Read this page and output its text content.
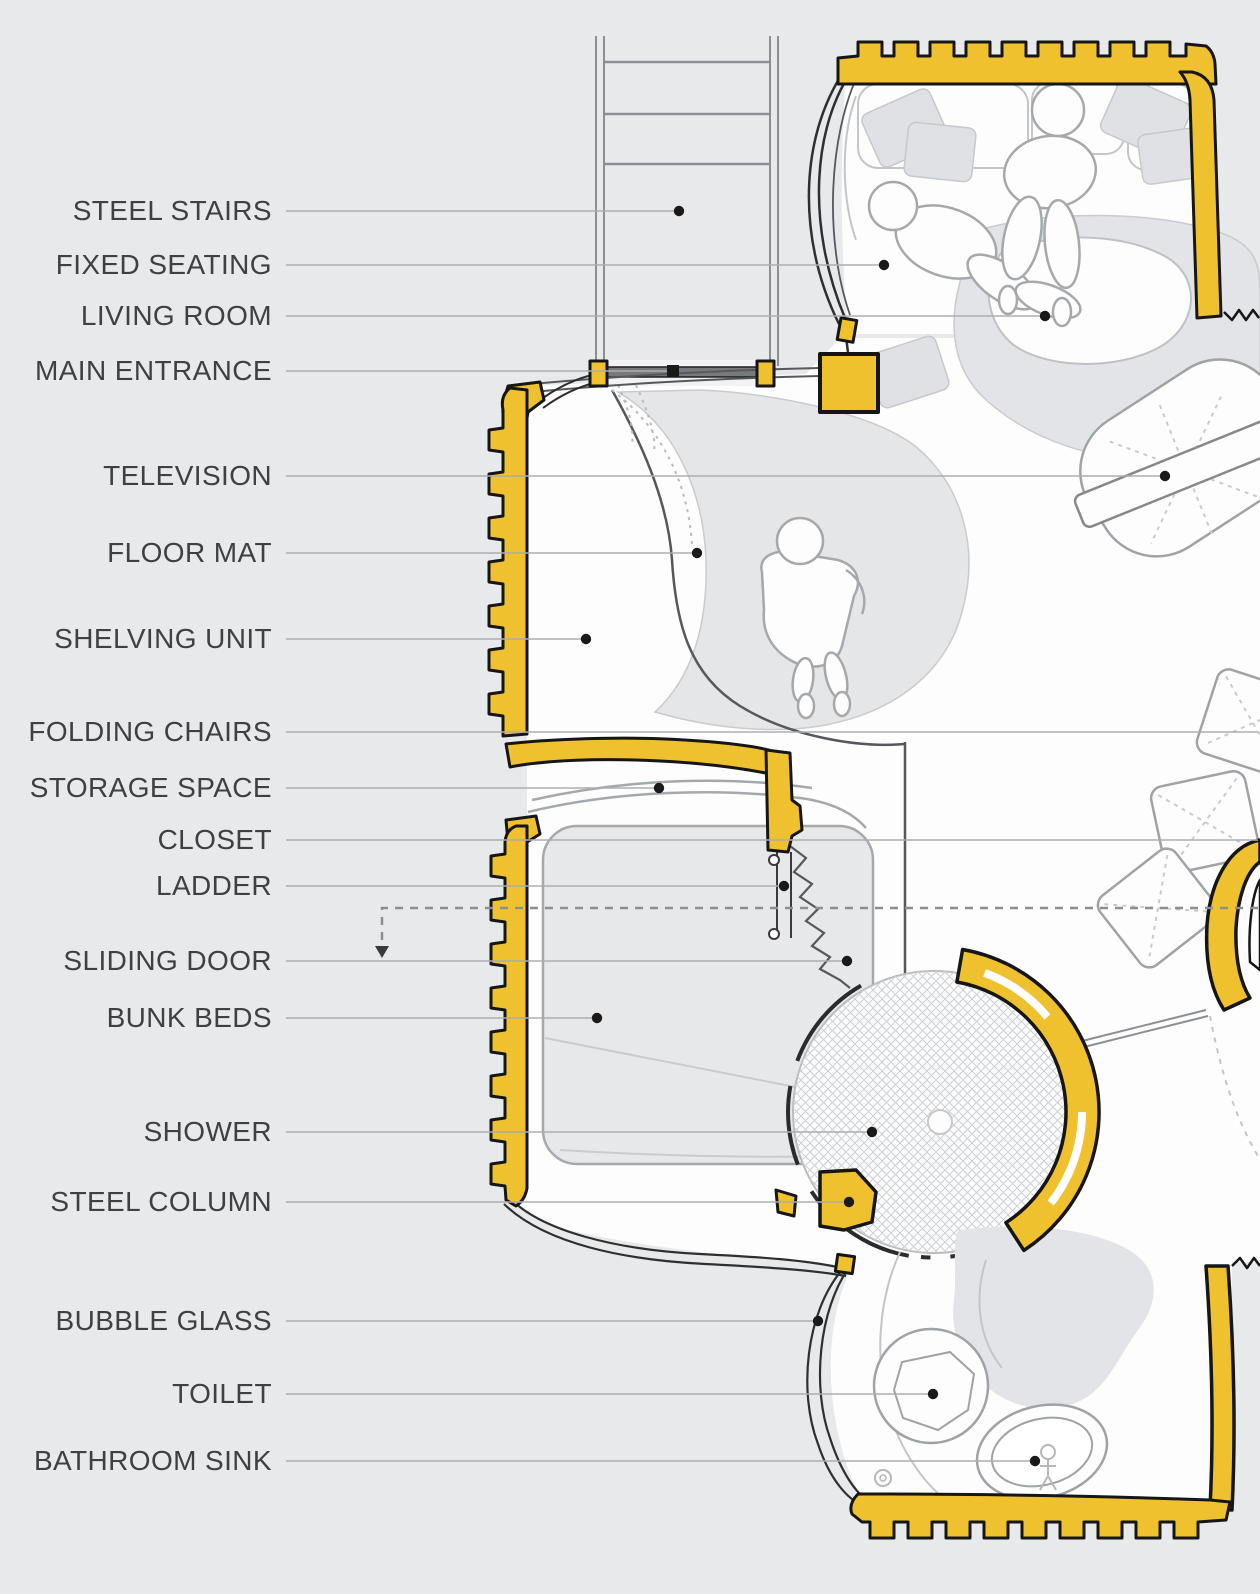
STEEL STAIRS
FIXED SEATING
LIVING ROOM
MAIN ENTRANCE
TELEVISION
FLOOR MAT
SHELVING UNIT
FOLDING CHAIRS
STORAGE SPACE
CLOSET
LADDER
SLIDING DOOR
BUNK BEDS
SHOWER
STEEL COLUMN
BUBBLE GLASS
TOILET
BATHROOM SINK
